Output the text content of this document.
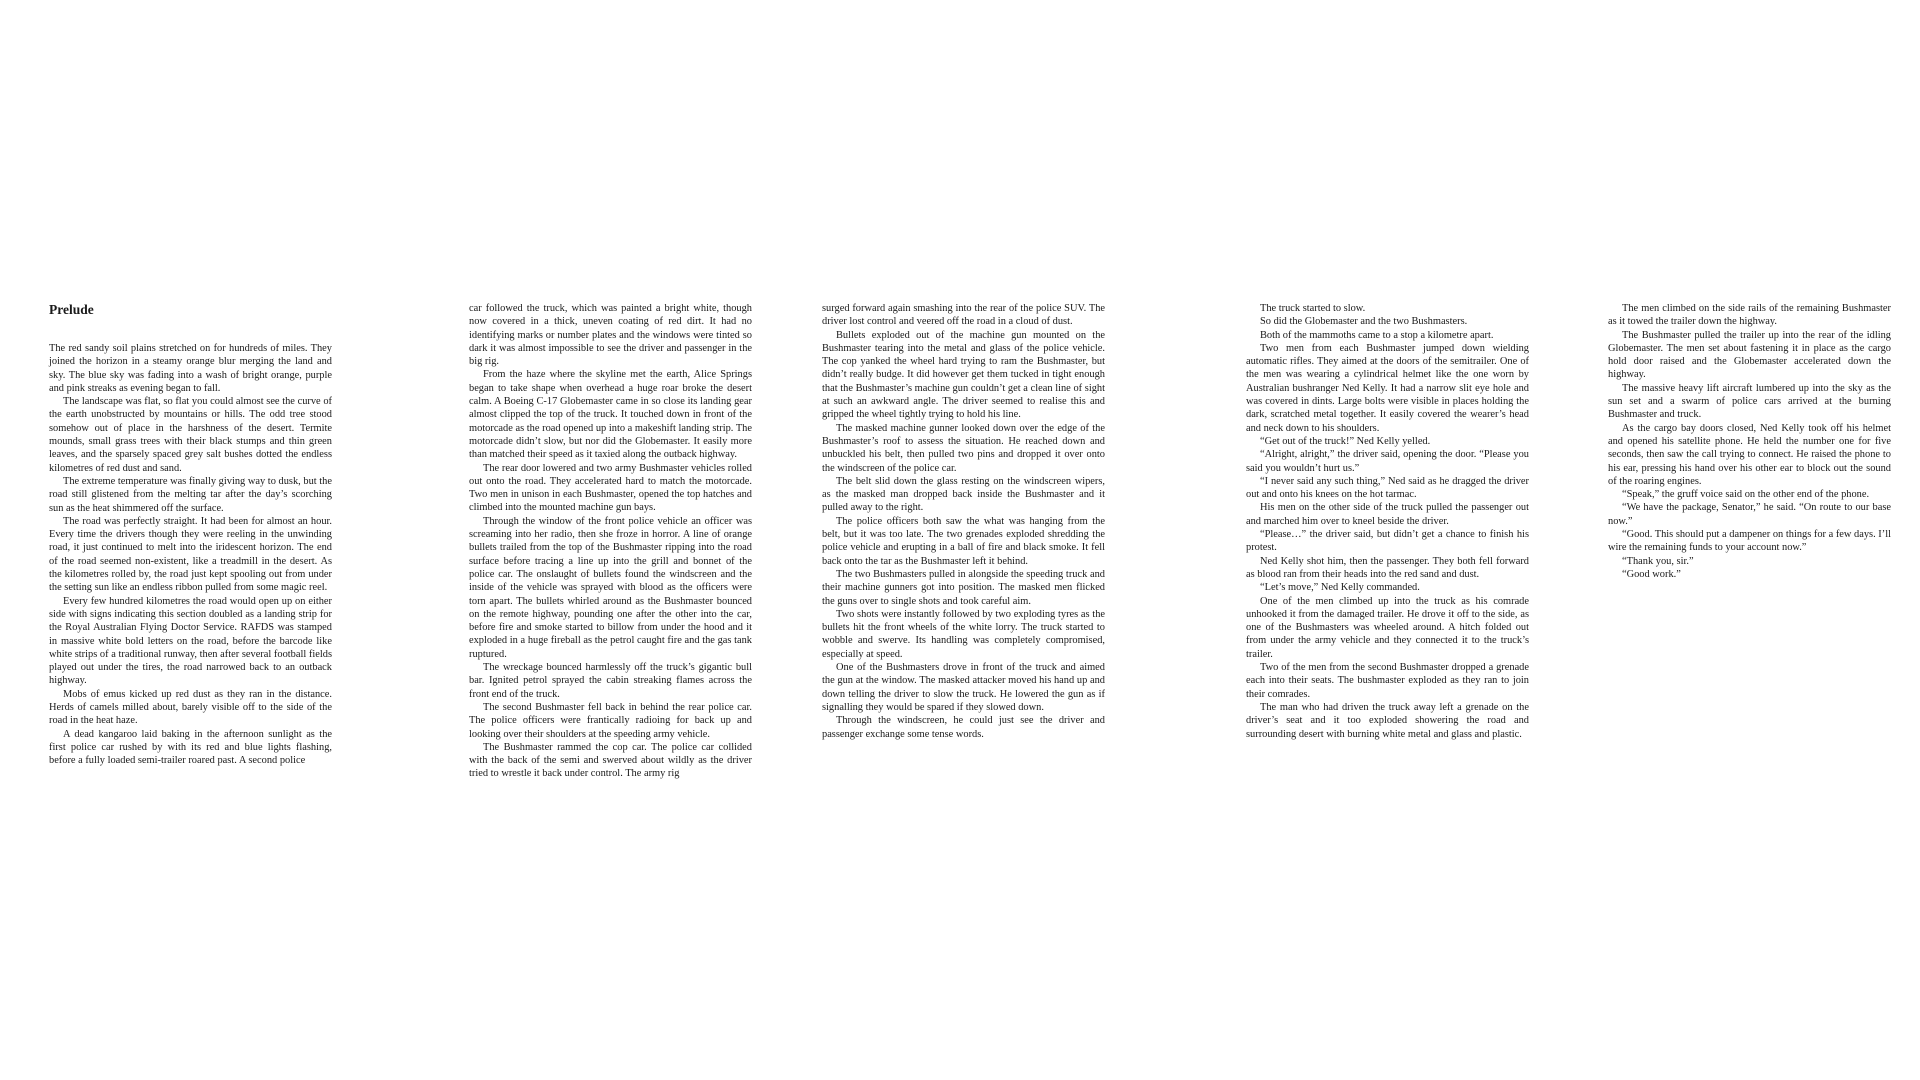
Prelude

The red sandy soil plains stretched on for hundreds of miles. They joined the horizon in a steamy orange blur merging the land and sky. The blue sky was fading into a wash of bright orange, purple and pink streaks as evening began to fall.

The landscape was flat, so flat you could almost see the curve of the earth unobstructed by mountains or hills. The odd tree stood somehow out of place in the harshness of the desert. Termite mounds, small grass trees with their black stumps and thin green leaves, and the sparsely spaced grey salt bushes dotted the endless kilometres of red dust and sand.

The extreme temperature was finally giving way to dusk, but the road still glistened from the melting tar after the day’s scorching sun as the heat shimmered off the surface.

The road was perfectly straight. It had been for almost an hour. Every time the drivers though they were reeling in the unwinding road, it just continued to melt into the iridescent horizon. The end of the road seemed non-existent, like a treadmill in the desert. As the kilometres rolled by, the road just kept spooling out from under the setting sun like an endless ribbon pulled from some magic reel.

Every few hundred kilometres the road would open up on either side with signs indicating this section doubled as a landing strip for the Royal Australian Flying Doctor Service. RAFDS was stamped in massive white bold letters on the road, before the barcode like white strips of a traditional runway, then after several football fields played out under the tires, the road narrowed back to an outback highway.

Mobs of emus kicked up red dust as they ran in the distance. Herds of camels milled about, barely visible off to the side of the road in the heat haze.

A dead kangaroo laid baking in the afternoon sunlight as the first police car rushed by with its red and blue lights flashing, before a fully loaded semi-trailer roared past. A second police

car followed the truck, which was painted a bright white, though now covered in a thick, uneven coating of red dirt. It had no identifying marks or number plates and the windows were tinted so dark it was almost impossible to see the driver and passenger in the big rig.

From the haze where the skyline met the earth, Alice Springs began to take shape when overhead a huge roar broke the desert calm. A Boeing C-17 Globemaster came in so close its landing gear almost clipped the top of the truck. It touched down in front of the motorcade as the road opened up into a makeshift landing strip. The motorcade didn’t slow, but nor did the Globemaster. It easily more than matched their speed as it taxied along the outback highway.

The rear door lowered and two army Bushmaster vehicles rolled out onto the road. They accelerated hard to match the motorcade. Two men in unison in each Bushmaster, opened the top hatches and climbed into the mounted machine gun bays.

Through the window of the front police vehicle an officer was screaming into her radio, then she froze in horror. A line of orange bullets trailed from the top of the Bushmaster ripping into the road surface before tracing a line up into the grill and bonnet of the police car. The onslaught of bullets found the windscreen and the inside of the vehicle was sprayed with blood as the officers were torn apart. The bullets whirled around as the Bushmaster bounced on the remote highway, pounding one after the other into the car, before fire and smoke started to billow from under the hood and it exploded in a huge fireball as the petrol caught fire and the gas tank ruptured.

The wreckage bounced harmlessly off the truck’s gigantic bull bar. Ignited petrol sprayed the cabin streaking flames across the front end of the truck.

The second Bushmaster fell back in behind the rear police car. The police officers were frantically radioing for back up and looking over their shoulders at the speeding army vehicle.

The Bushmaster rammed the cop car. The police car collided with the back of the semi and swerved about wildly as the driver tried to wrestle it back under control. The army rig

surged forward again smashing into the rear of the police SUV. The driver lost control and veered off the road in a cloud of dust.

Bullets exploded out of the machine gun mounted on the Bushmaster tearing into the metal and glass of the police vehicle. The cop yanked the wheel hard trying to ram the Bushmaster, but didn’t really budge. It did however get them tucked in tight enough that the Bushmaster’s machine gun couldn’t get a clean line of sight at such an awkward angle. The driver seemed to realise this and gripped the wheel tightly trying to hold his line.

The masked machine gunner looked down over the edge of the Bushmaster’s roof to assess the situation. He reached down and unbuckled his belt, then pulled two pins and dropped it over onto the windscreen of the police car.

The belt slid down the glass resting on the windscreen wipers, as the masked man dropped back inside the Bushmaster and it pulled away to the right.

The police officers both saw the what was hanging from the belt, but it was too late. The two grenades exploded shredding the police vehicle and erupting in a ball of fire and black smoke. It fell back onto the tar as the Bushmaster left it behind.

The two Bushmasters pulled in alongside the speeding truck and their machine gunners got into position. The masked men flicked the guns over to single shots and took careful aim.

Two shots were instantly followed by two exploding tyres as the bullets hit the front wheels of the white lorry. The truck started to wobble and swerve. Its handling was completely compromised, especially at speed.

One of the Bushmasters drove in front of the truck and aimed the gun at the window. The masked attacker moved his hand up and down telling the driver to slow the truck. He lowered the gun as if signalling they would be spared if they slowed down.

Through the windscreen, he could just see the driver and passenger exchange some tense words.

The truck started to slow.

So did the Globemaster and the two Bushmasters.

Both of the mammoths came to a stop a kilometre apart.

Two men from each Bushmaster jumped down wielding automatic rifles. They aimed at the doors of the semitrailer. One of the men was wearing a cylindrical helmet like the one worn by Australian bushranger Ned Kelly. It had a narrow slit eye hole and was covered in dints. Large bolts were visible in places holding the dark, scratched metal together. It easily covered the wearer’s head and neck down to his shoulders.

“Get out of the truck!” Ned Kelly yelled.

“Alright, alright,” the driver said, opening the door. “Please you said you wouldn’t hurt us.”

“I never said any such thing,” Ned said as he dragged the driver out and onto his knees on the hot tarmac.

His men on the other side of the truck pulled the passenger out and marched him over to kneel beside the driver.

“Please…” the driver said, but didn’t get a chance to finish his protest.

Ned Kelly shot him, then the passenger. They both fell forward as blood ran from their heads into the red sand and dust.

“Let’s move,” Ned Kelly commanded.

One of the men climbed up into the truck as his comrade unhooked it from the damaged trailer. He drove it off to the side, as one of the Bushmasters was wheeled around. A hitch folded out from under the army vehicle and they connected it to the truck’s trailer.

Two of the men from the second Bushmaster dropped a grenade each into their seats. The bushmaster exploded as they ran to join their comrades.

The man who had driven the truck away left a grenade on the driver’s seat and it too exploded showering the road and surrounding desert with burning white metal and glass and plastic.

The men climbed on the side rails of the remaining Bushmaster as it towed the trailer down the highway.

The Bushmaster pulled the trailer up into the rear of the idling Globemaster. The men set about fastening it in place as the cargo hold door raised and the Globemaster accelerated down the highway.

The massive heavy lift aircraft lumbered up into the sky as the sun set and a swarm of police cars arrived at the burning Bushmaster and truck.

As the cargo bay doors closed, Ned Kelly took off his helmet and opened his satellite phone. He held the number one for five seconds, then saw the call trying to connect. He raised the phone to his ear, pressing his hand over his other ear to block out the sound of the roaring engines.

“Speak,” the gruff voice said on the other end of the phone.

“We have the package, Senator,” he said. “On route to our base now.”

“Good. This should put a dampener on things for a few days. I’ll wire the remaining funds to your account now.”

“Thank you, sir.”

“Good work.”
